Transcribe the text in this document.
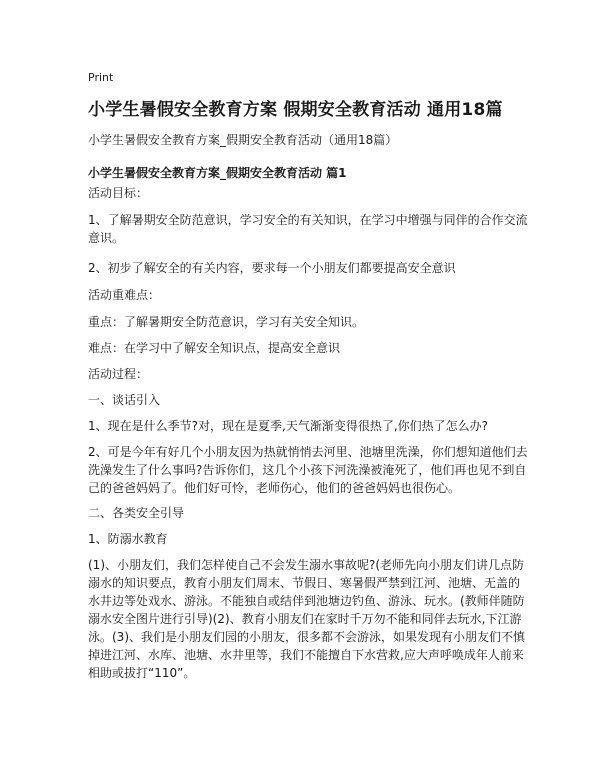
Print
小学生暑假安全教育方案 假期安全教育活动 通用18篇
小学生暑假安全教育方案_假期安全教育活动（通用18篇）
小学生暑假安全教育方案_假期安全教育活动 篇1
活动目标：
1、了解暑期安全防范意识，学习安全的有关知识，在学习中增强与同伴的合作交流意识。
2、初步了解安全的有关内容，要求每一个小朋友们都要提高安全意识
活动重难点：
重点：了解暑期安全防范意识，学习有关安全知识。
难点：在学习中了解安全知识点，提高安全意识
活动过程：
一、谈话引入
1、现在是什么季节?对，现在是夏季,天气渐渐变得很热了,你们热了怎么办?
2、可是今年有好几个小朋友因为热就悄悄去河里、池塘里洗澡，你们想知道他们去洗澡发生了什么事吗?告诉你们，这几个小孩下河洗澡被淹死了，他们再也见不到自己的爸爸妈妈了。他们好可怜，老师伤心，他们的爸爸妈妈也很伤心。
二、各类安全引导
1、防溺水教育
(1)、小朋友们，我们怎样使自己不会发生溺水事故呢?(老师先向小朋友们讲几点防溺水的知识要点，教育小朋友们周末、节假日、寒暑假严禁到江河、池塘、无盖的水井边等处戏水、游泳。不能独自或结伴到池塘边钓鱼、游泳、玩水。(教师伴随防溺水安全图片进行引导)(2)、教育小朋友们在家时千万勿不能和同伴去玩水,下江游泳。(3)、我们是小朋友们园的小朋友，很多都不会游泳，如果发现有小朋友们不慎掉进江河、水库、池塘、水井里等，我们不能擅自下水营救,应大声呼唤成年人前来相助或拔打“110”。
